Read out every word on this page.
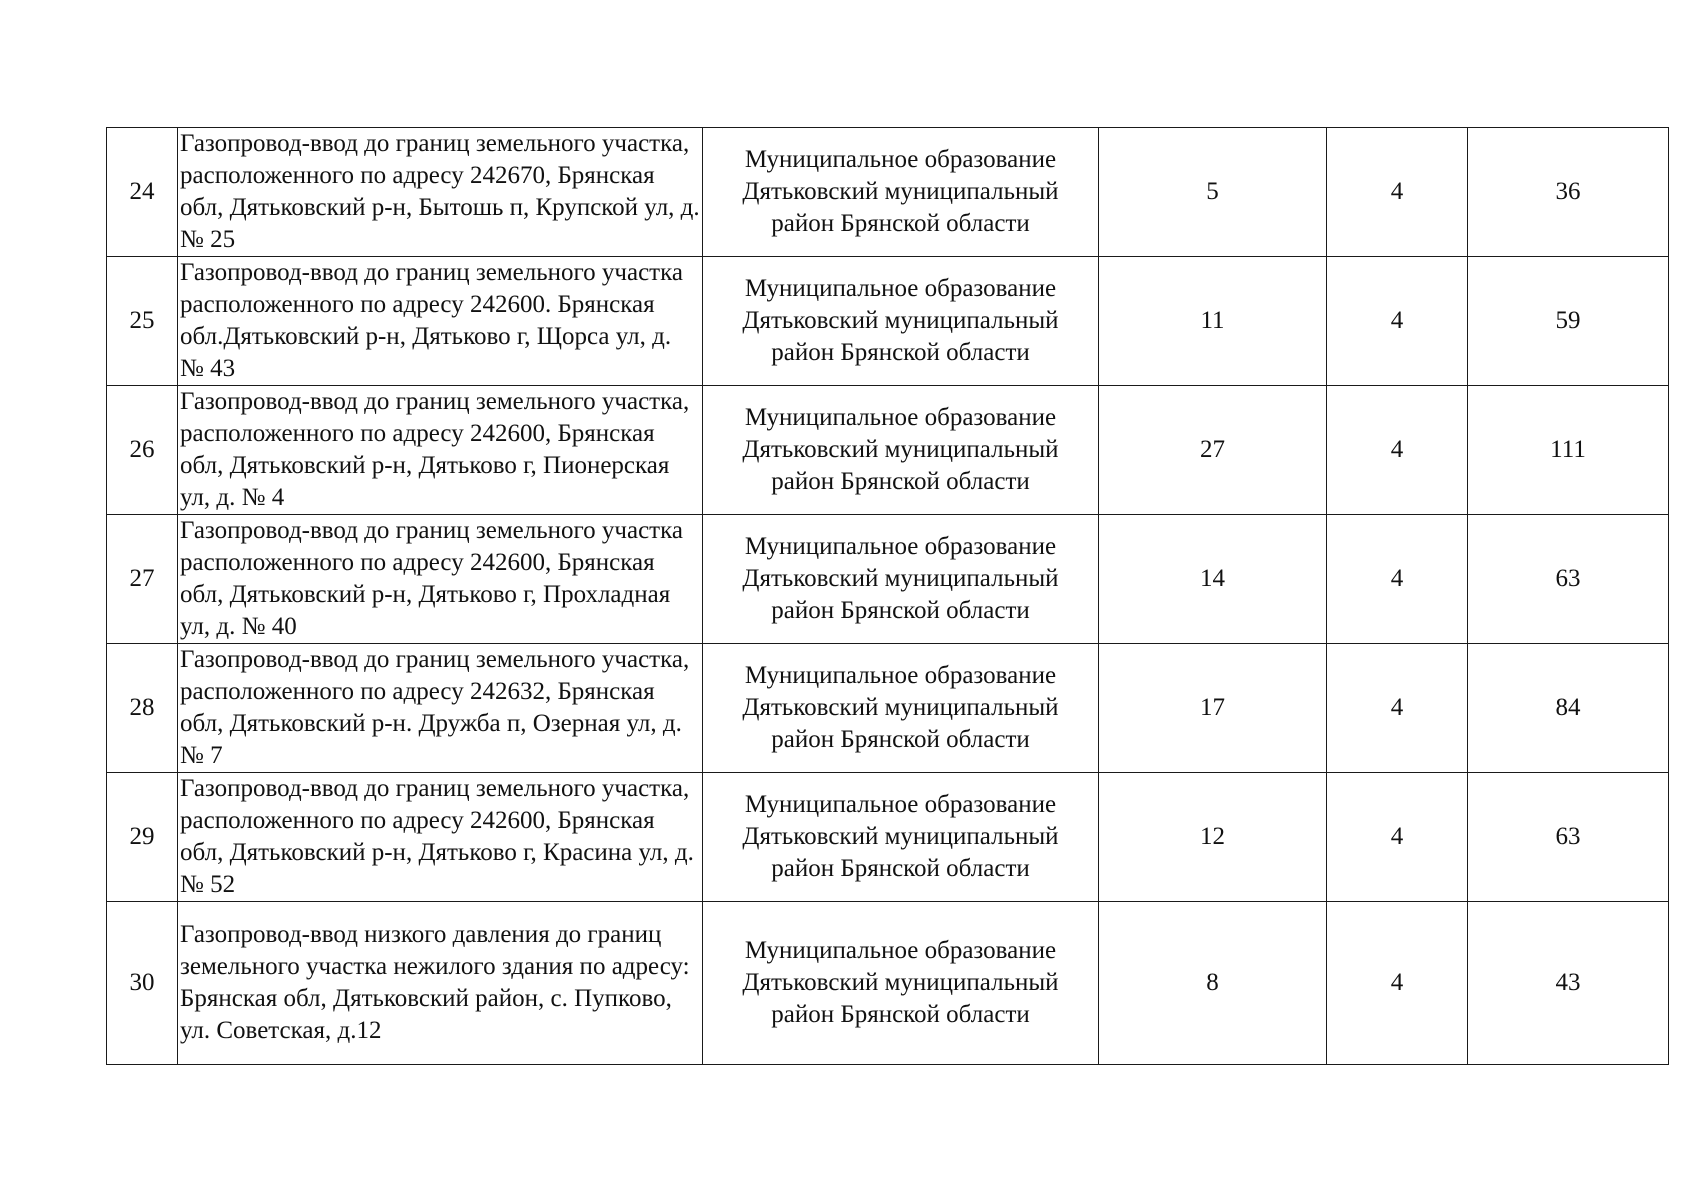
24	Газопровод-ввод до границ земельного участка, расположенного по адресу 242670, Брянская обл, Дятьковский р-н, Бытошь п, Крупской ул, д. № 25	Муниципальное образование Дятьковский муниципальный район Брянской области	5	4	36
25	Газопровод-ввод до границ земельного участка расположенного по адресу 242600. Брянская обл.Дятьковский р-н, Дятьково г, Щорса ул, д. № 43	Муниципальное образование Дятьковский муниципальный район Брянской области	11	4	59
26	Газопровод-ввод до границ земельного участка, расположенного по адресу 242600, Брянская обл, Дятьковский р-н, Дятьково г, Пионерская ул, д. № 4	Муниципальное образование Дятьковский муниципальный район Брянской области	27	4	111
27	Газопровод-ввод до границ земельного участка расположенного по адресу 242600, Брянская обл, Дятьковский р-н, Дятьково г, Прохладная ул, д. № 40	Муниципальное образование Дятьковский муниципальный район Брянской области	14	4	63
28	Газопровод-ввод до границ земельного участка, расположенного по адресу 242632, Брянская обл, Дятьковский р-н. Дружба п, Озерная ул, д. № 7	Муниципальное образование Дятьковский муниципальный район Брянской области	17	4	84
29	Газопровод-ввод до границ земельного участка, расположенного по адресу 242600, Брянская обл, Дятьковский р-н, Дятьково г, Красина ул, д. № 52	Муниципальное образование Дятьковский муниципальный район Брянской области	12	4	63
30	Газопровод-ввод низкого давления до границ земельного участка нежилого здания по адресу: Брянская обл, Дятьковский район, с. Пупково, ул. Советская, д.12	Муниципальное образование Дятьковский муниципальный район Брянской области	8	4	43
